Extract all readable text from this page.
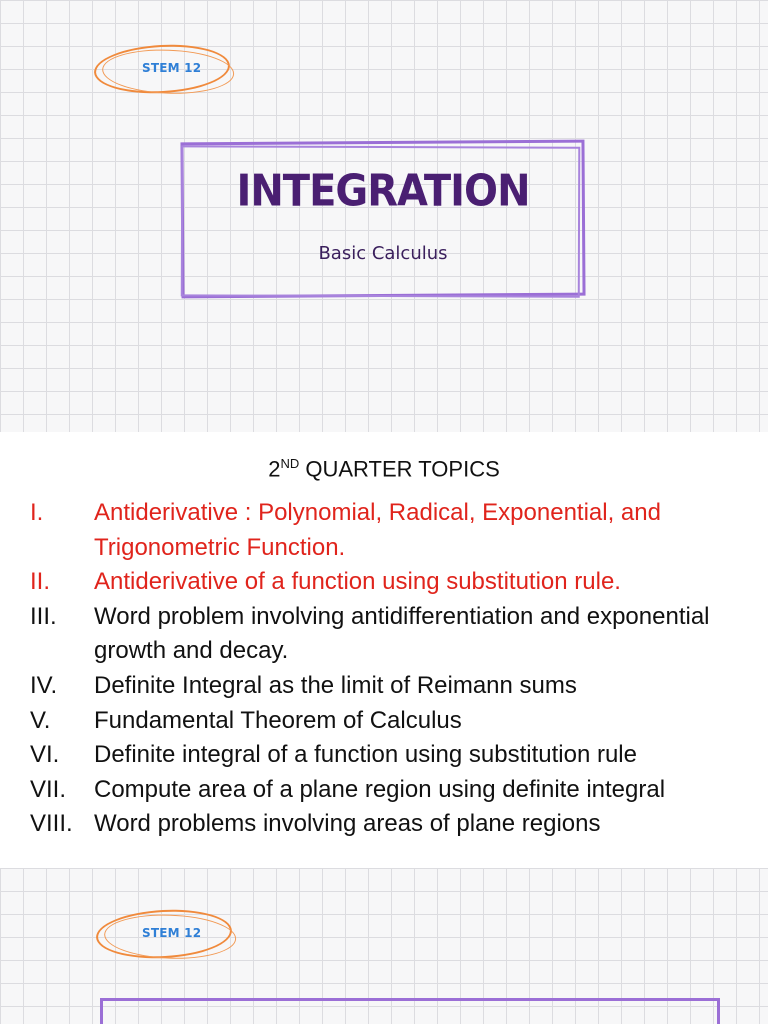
STEM 12
INTEGRATION
Basic Calculus
2ND QUARTER TOPICS
I.	Antiderivative : Polynomial, Radical, Exponential, and Trigonometric Function.
II.	Antiderivative of a function using substitution rule.
III.	Word problem involving antidifferentiation and exponential growth and decay.
IV.	Definite Integral as the limit of Reimann sums
V.	Fundamental Theorem of Calculus
VI.	Definite integral of a function using substitution rule
VII.	Compute area of a plane region using definite integral
VIII. Word problems involving areas of plane regions
STEM 12
